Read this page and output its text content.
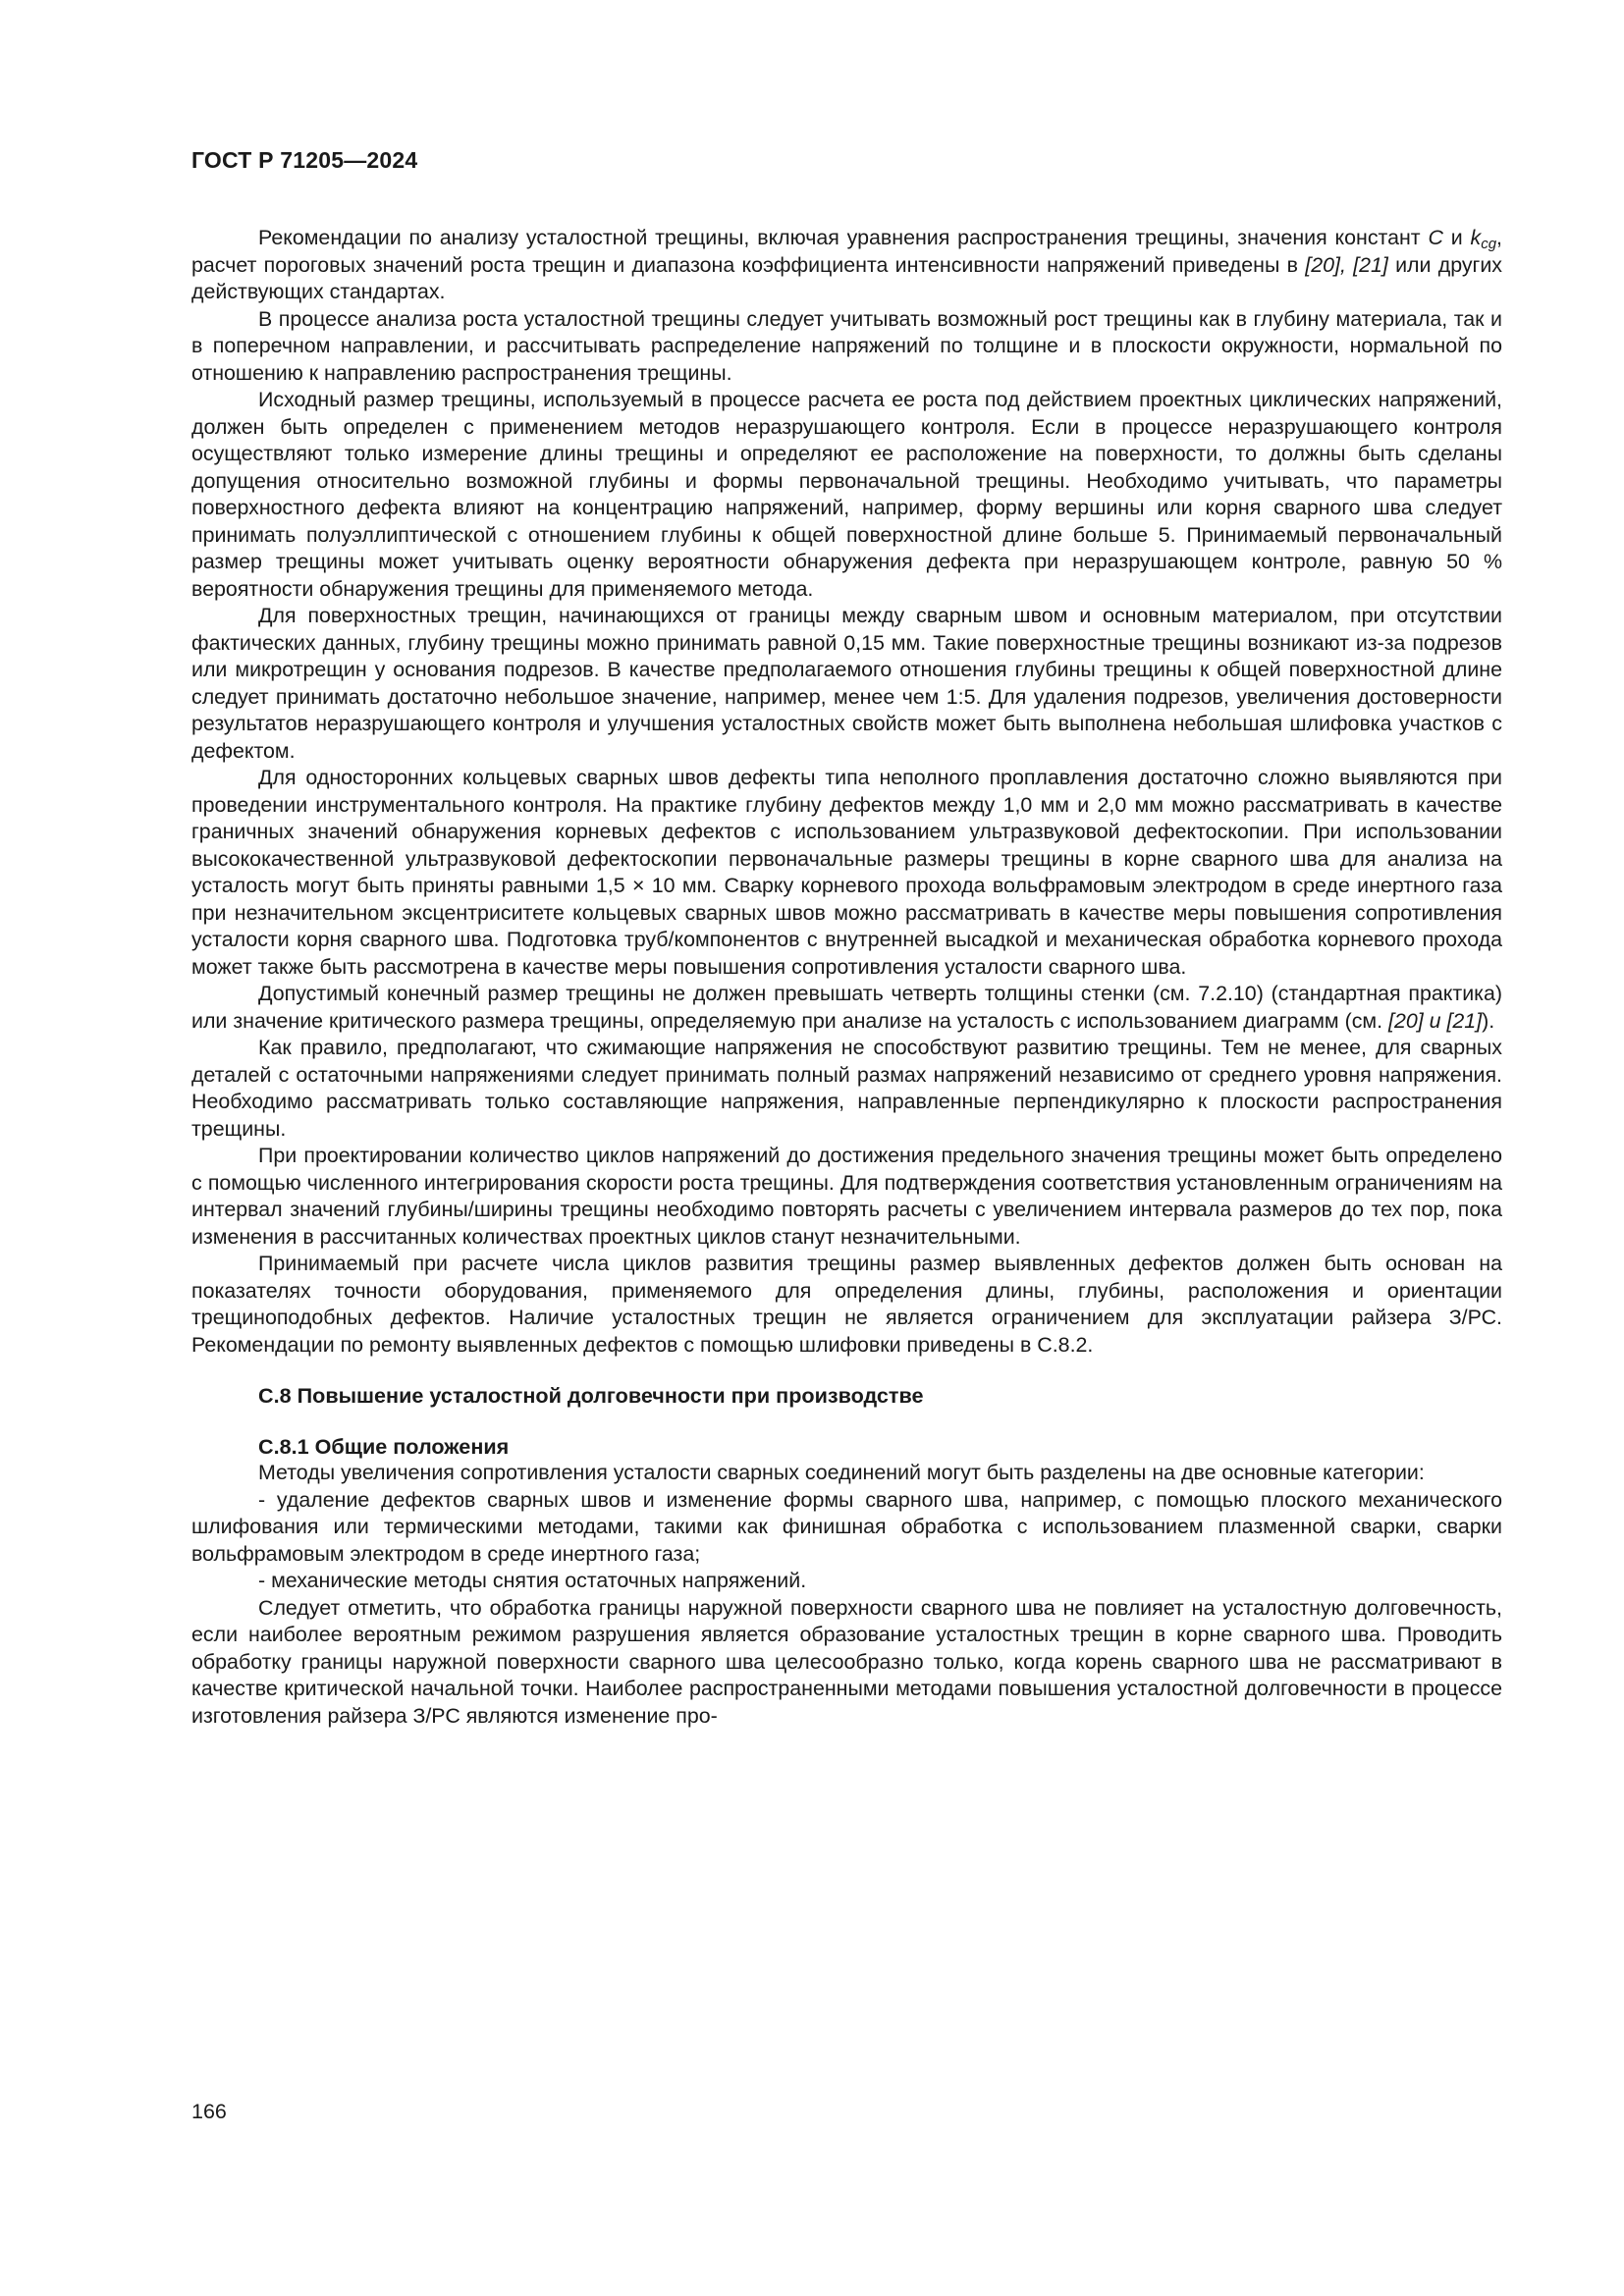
ГОСТ Р 71205—2024

Рекомендации по анализу усталостной трещины, включая уравнения распространения трещины, значения констант C и $k_{cg}$, расчет пороговых значений роста трещин и диапазона коэффициента интенсивности напряжений приведены в [20], [21] или других действующих стандартах.

В процессе анализа роста усталостной трещины следует учитывать возможный рост трещины как в глубину материала, так и в поперечном направлении, и рассчитывать распределение напряжений по толщине и в плоскости окружности, нормальной по отношению к направлению распространения трещины.

Исходный размер трещины, используемый в процессе расчета ее роста под действием проектных циклических напряжений, должен быть определен с применением методов неразрушающего контроля. Если в процессе неразрушающего контроля осуществляют только измерение длины трещины и определяют ее расположение на поверхности, то должны быть сделаны допущения относительно возможной глубины и формы первоначальной трещины. Необходимо учитывать, что параметры поверхностного дефекта влияют на концентрацию напряжений, например, форму вершины или корня сварного шва следует принимать полуэллиптической с отношением глубины к общей поверхностной длине больше 5. Принимаемый первоначальный размер трещины может учитывать оценку вероятности обнаружения дефекта при неразрушающем контроле, равную 50 % вероятности обнаружения трещины для применяемого метода.

Для поверхностных трещин, начинающихся от границы между сварным швом и основным материалом, при отсутствии фактических данных, глубину трещины можно принимать равной 0,15 мм. Такие поверхностные трещины возникают из-за подрезов или микротрещин у основания подрезов. В качестве предполагаемого отношения глубины трещины к общей поверхностной длине следует принимать достаточно небольшое значение, например, менее чем 1:5. Для удаления подрезов, увеличения достоверности результатов неразрушающего контроля и улучшения усталостных свойств может быть выполнена небольшая шлифовка участков с дефектом.

Для односторонних кольцевых сварных швов дефекты типа неполного проплавления достаточно сложно выявляются при проведении инструментального контроля. На практике глубину дефектов между 1,0 мм и 2,0 мм можно рассматривать в качестве граничных значений обнаружения корневых дефектов с использованием ультразвуковой дефектоскопии. При использовании высококачественной ультразвуковой дефектоскопии первоначальные размеры трещины в корне сварного шва для анализа на усталость могут быть приняты равными 1,5 × 10 мм. Сварку корневого прохода вольфрамовым электродом в среде инертного газа при незначительном эксцентриситете кольцевых сварных швов можно рассматривать в качестве меры повышения сопротивления усталости корня сварного шва. Подготовка труб/компонентов с внутренней высадкой и механическая обработка корневого прохода может также быть рассмотрена в качестве меры повышения сопротивления усталости сварного шва.

Допустимый конечный размер трещины не должен превышать четверть толщины стенки (см. 7.2.10) (стандартная практика) или значение критического размера трещины, определяемую при анализе на усталость с использованием диаграмм (см. [20] и [21]).

Как правило, предполагают, что сжимающие напряжения не способствуют развитию трещины. Тем не менее, для сварных деталей с остаточными напряжениями следует принимать полный размах напряжений независимо от среднего уровня напряжения. Необходимо рассматривать только составляющие напряжения, направленные перпендикулярно к плоскости распространения трещины.

При проектировании количество циклов напряжений до достижения предельного значения трещины может быть определено с помощью численного интегрирования скорости роста трещины. Для подтверждения соответствия установленным ограничениям на интервал значений глубины/ширины трещины необходимо повторять расчеты с увеличением интервала размеров до тех пор, пока изменения в рассчитанных количествах проектных циклов станут незначительными.

Принимаемый при расчете числа циклов развития трещины размер выявленных дефектов должен быть основан на показателях точности оборудования, применяемого для определения длины, глубины, расположения и ориентации трещиноподобных дефектов. Наличие усталостных трещин не является ограничением для эксплуатации райзера З/РС. Рекомендации по ремонту выявленных дефектов с помощью шлифовки приведены в С.8.2.

С.8 Повышение усталостной долговечности при производстве
С.8.1 Общие положения

Методы увеличения сопротивления усталости сварных соединений могут быть разделены на две основные категории:

- удаление дефектов сварных швов и изменение формы сварного шва, например, с помощью плоского механического шлифования или термическими методами, такими как финишная обработка с использованием плазменной сварки, сварки вольфрамовым электродом в среде инертного газа;

- механические методы снятия остаточных напряжений.

Следует отметить, что обработка границы наружной поверхности сварного шва не повлияет на усталостную долговечность, если наиболее вероятным режимом разрушения является образование усталостных трещин в корне сварного шва. Проводить обработку границы наружной поверхности сварного шва целесообразно только, когда корень сварного шва не рассматривают в качестве критической начальной точки. Наиболее распространенными методами повышения усталостной долговечности в процессе изготовления райзера З/РС являются изменение про-

166
